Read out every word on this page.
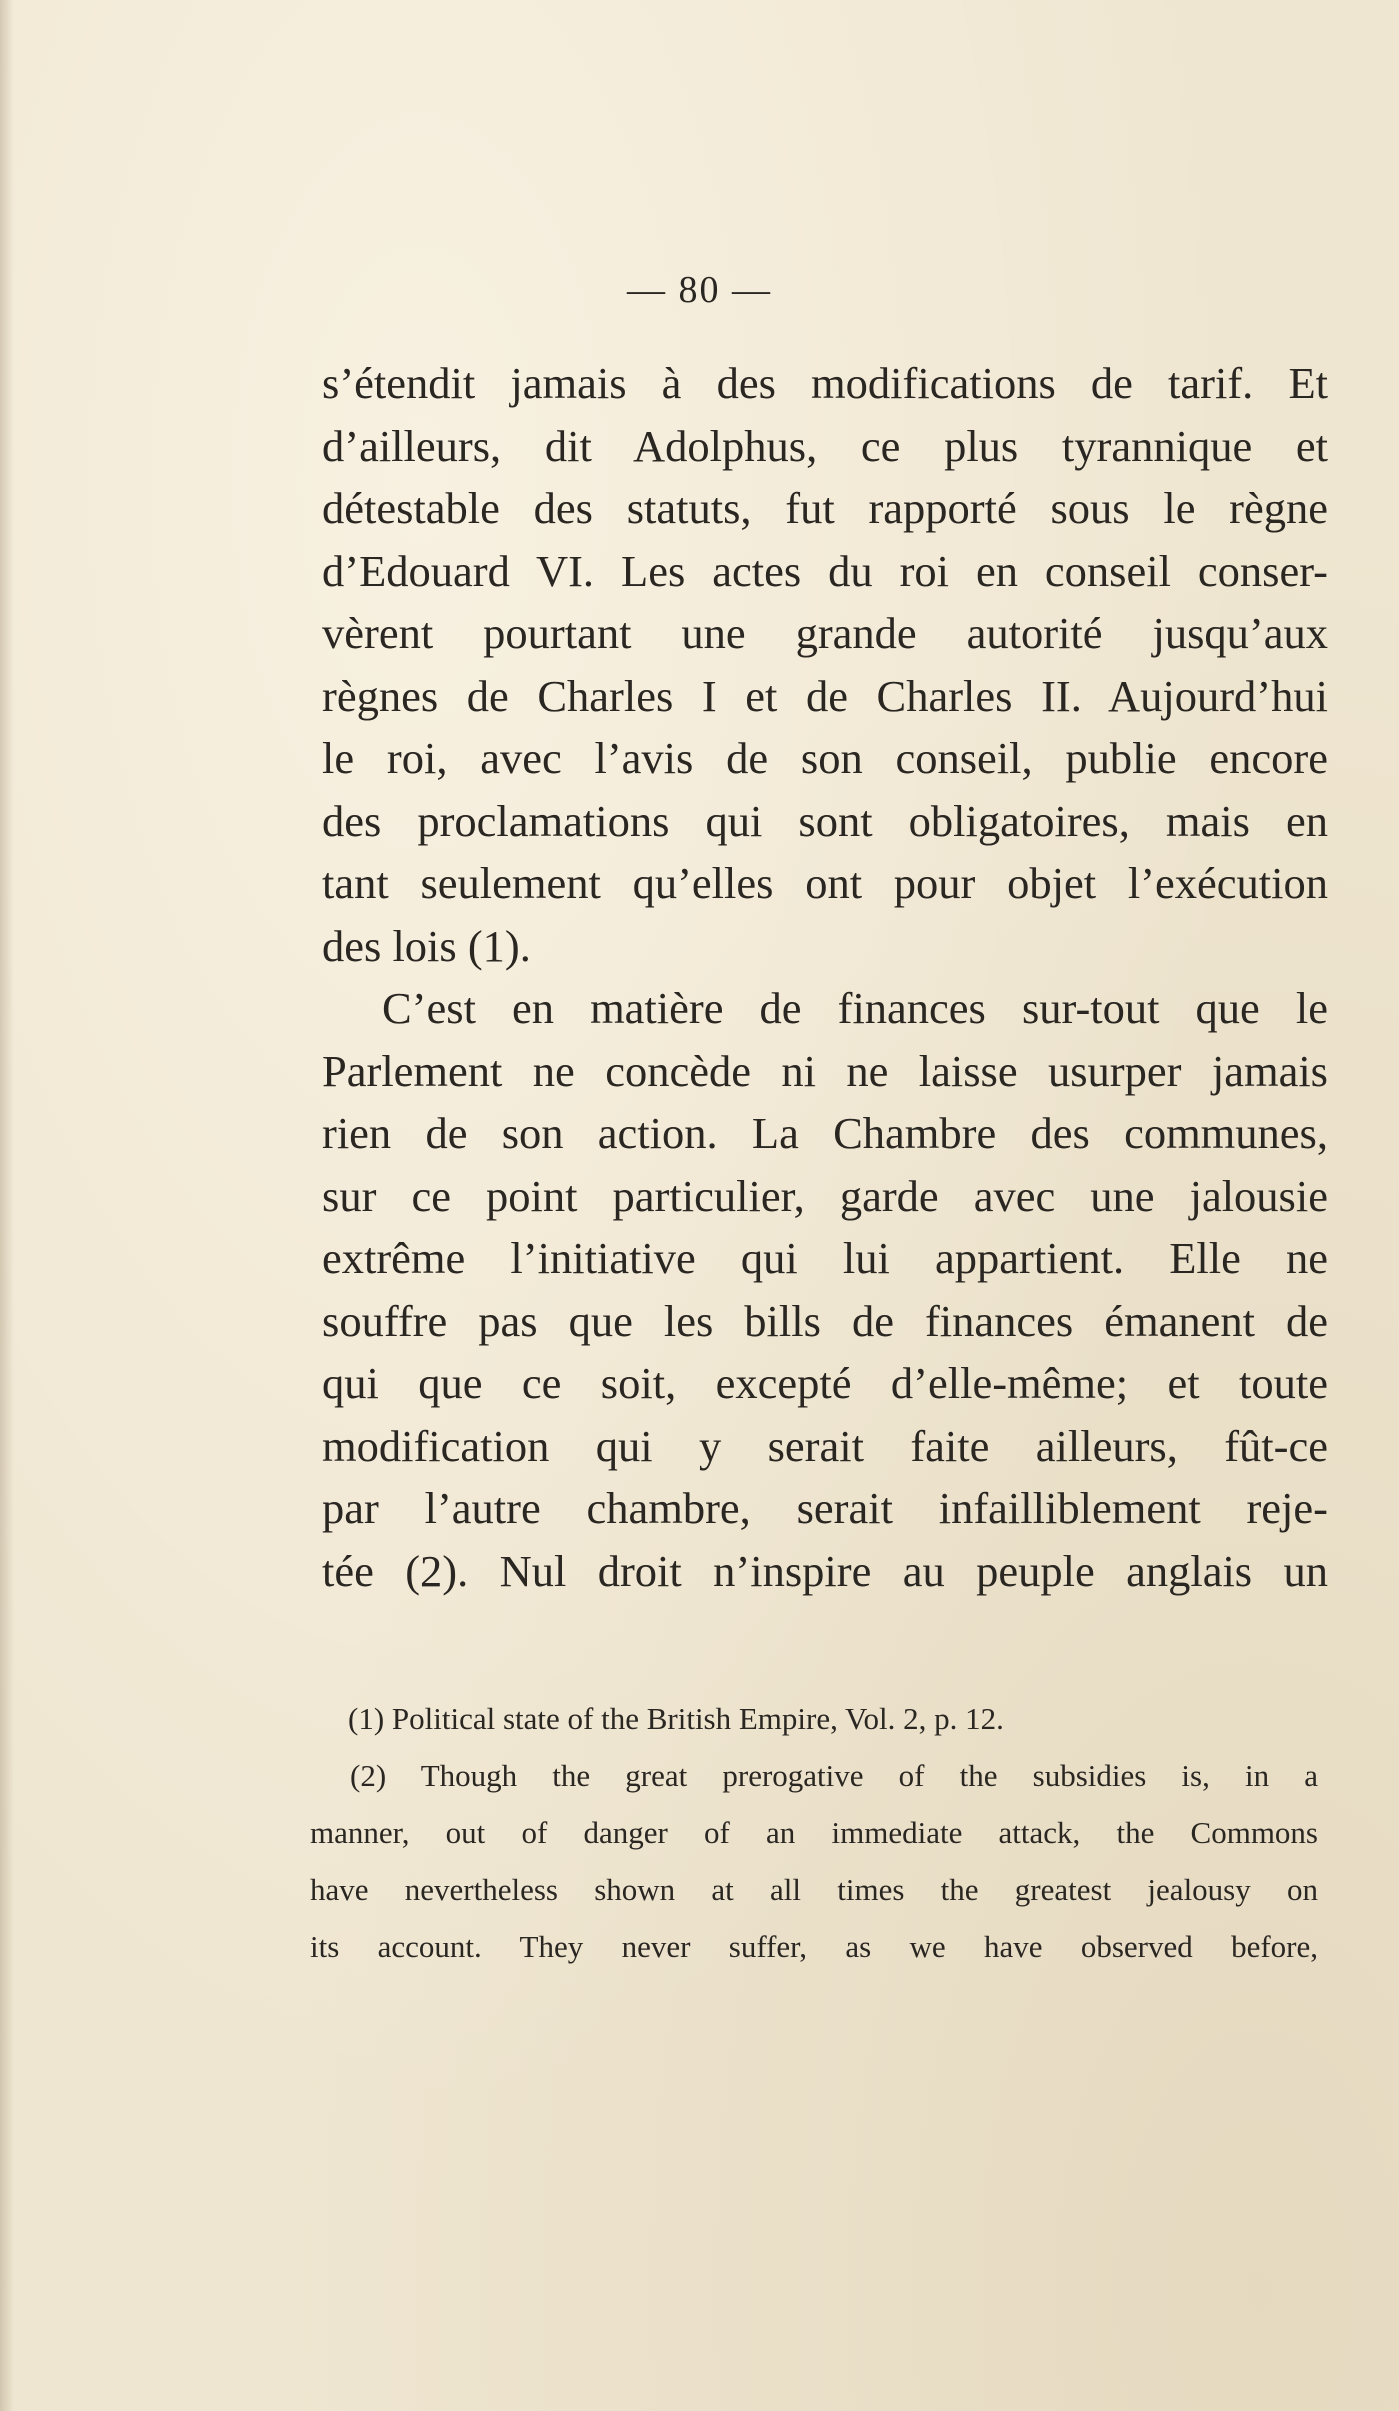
— 80 —

s’étendit jamais à des modifications de tarif. Et
d’ailleurs, dit Adolphus, ce plus tyrannique et
détestable des statuts, fut rapporté sous le règne
d’Edouard VI. Les actes du roi en conseil conser-
vèrent pourtant une grande autorité jusqu’aux
règnes de Charles I et de Charles II. Aujourd’hui
le roi, avec l’avis de son conseil, publie encore
des proclamations qui sont obligatoires, mais en
tant seulement qu’elles ont pour objet l’exécution
des lois (1).

C’est en matière de finances sur-tout que le
Parlement ne concède ni ne laisse usurper jamais
rien de son action. La Chambre des communes,
sur ce point particulier, garde avec une jalousie
extrême l’initiative qui lui appartient. Elle ne
souffre pas que les bills de finances émanent de
qui que ce soit, excepté d’elle-même; et toute
modification qui y serait faite ailleurs, fût-ce
par l’autre chambre, serait infailliblement reje-
tée (2). Nul droit n’inspire au peuple anglais un

(1) Political state of the British Empire, Vol. 2, p. 12.
(2) Though the great prerogative of the subsidies is, in a
manner, out of danger of an immediate attack, the Commons
have nevertheless shown at all times the greatest jealousy on
its account. They never suffer, as we have observed before,
